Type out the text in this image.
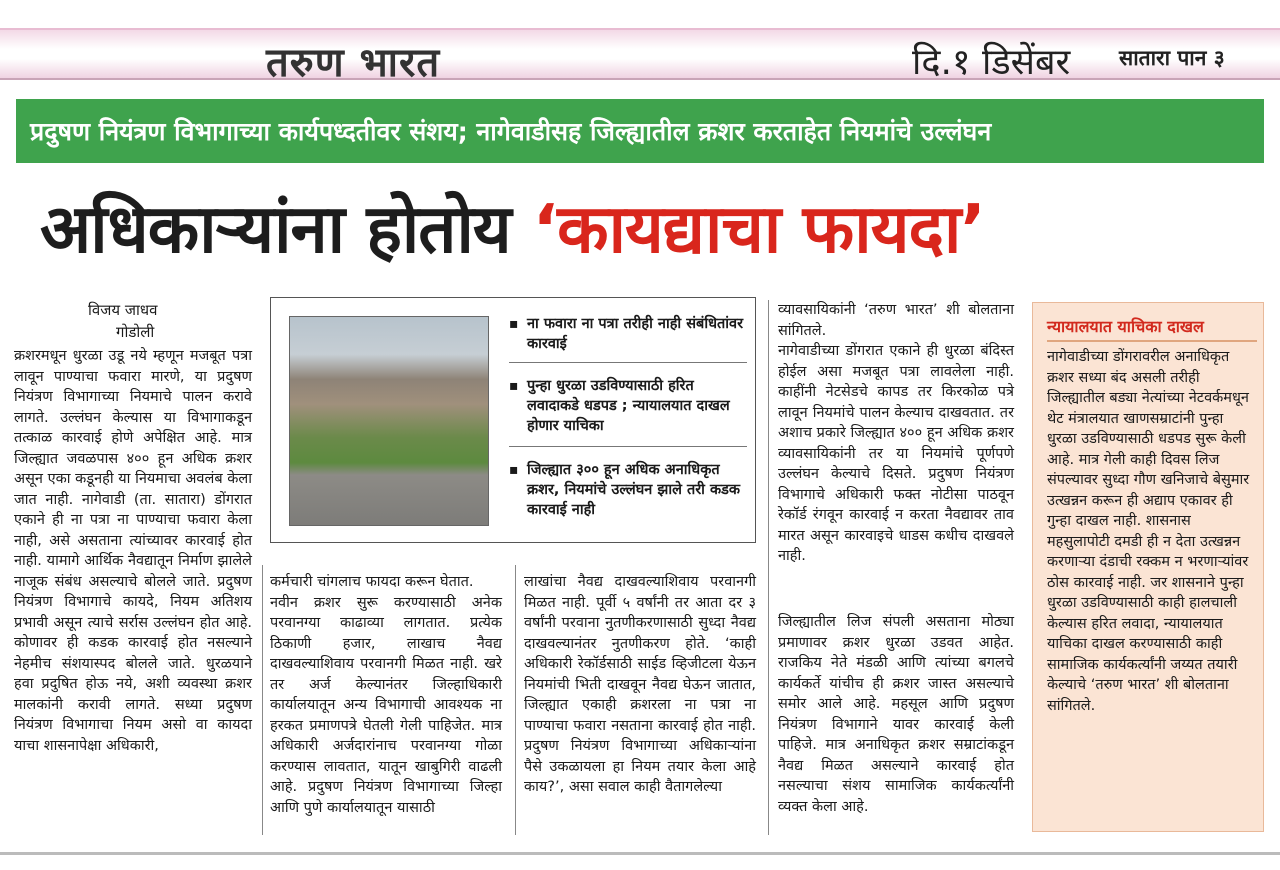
तरुण भारत	दि.१ डिसेंबर सातारा पान ३
प्रदुषण नियंत्रण विभागाच्या कार्यपध्दतीवर संशय; नागेवाडीसह जिल्ह्यातील क्रशर करताहेत नियमांचे उल्लंघन
अधिकाऱ्यांना होतोय ‘कायद्याचा फायदा’
विजय जाधव
गोडोली
क्रशरमधून धुरळा उडू नये म्हणून मजबूत पत्रा लावून पाण्याचा फवारा मारणे, या प्रदुषण नियंत्रण विभागाच्या नियमाचे पालन करावे लागते. उल्लंघन केल्यास या विभागाकडून तत्काळ कारवाई होणे अपेक्षित आहे. मात्र जिल्ह्यात जवळपास ४०० हून अधिक क्रशर असून एका कडूनही या नियमाचा अवलंब केला जात नाही. नागेवाडी (ता. सातारा) डोंगरात एकाने ही ना पत्रा ना पाण्याचा फवारा केला नाही, असे असताना त्यांच्यावर कारवाई होत नाही. यामागे आर्थिक नैवद्यातून निर्माण झालेले नाजूक संबंध असल्याचे बोलले जाते. प्रदुषण नियंत्रण विभागाचे कायदे, नियम अतिशय प्रभावी असून त्याचे सर्रास उल्लंघन होत आहे. कोणावर ही कडक कारवाई होत नसल्याने नेहमीच संशयास्पद बोलले जाते. धुरळयाने हवा प्रदुषित होऊ नये, अशी व्यवस्था क्रशर मालकांनी करावी लागते. सध्या प्रदुषण नियंत्रण विभागाचा नियम असो वा कायदा याचा शासनापेक्षा अधिकारी,
▪ ना फवारा ना पत्रा तरीही नाही संबंधितांवर कारवाई
▪ पुन्हा धुरळा उडविण्यासाठी हरित लवादाकडे धडपड ; न्यायालयात दाखल होणार याचिका
▪ जिल्ह्यात ३०० हून अधिक अनाधिकृत क्रशर, नियमांचे उल्लंघन झाले तरी कडक कारवाई नाही
कर्मचारी चांगलाच फायदा करून घेतात.
नवीन क्रशर सुरू करण्यासाठी अनेक परवानग्या काढाव्या लागतात. प्रत्येक ठिकाणी हजार, लाखाच नैवद्य दाखवल्याशिवाय परवानगी मिळत नाही. खरे तर अर्ज केल्यानंतर जिल्हाधिकारी कार्यालयातून अन्य विभागाची आवश्यक ना हरकत प्रमाणपत्रे घेतली गेली पाहिजेत. मात्र अधिकारी अर्जदारांनाच परवानग्या गोळा करण्यास लावतात, यातून खाबुगिरी वाढली आहे. प्रदुषण नियंत्रण विभागाच्या जिल्हा आणि पुणे कार्यालयातून यासाठी
लाखांचा नैवद्य दाखवल्याशिवाय परवानगी मिळत नाही. पूर्वी ५ वर्षांनी तर आता दर ३ वर्षांनी परवाना नुतणीकरणासाठी सुध्दा नैवद्य दाखवल्यानंतर नुतणीकरण होते. ‘काही अधिकारी रेकॉर्डसाठी साईड व्हिजीटला येऊन नियमांची भिती दाखवून नैवद्य घेऊन जातात, जिल्ह्यात एकाही क्रशरला ना पत्रा ना पाण्याचा फवारा नसताना कारवाई होत नाही. प्रदुषण नियंत्रण विभागाच्या अधिकाऱ्यांना पैसे उकळायला हा नियम तयार केला आहे काय?’, असा सवाल काही वैतागलेल्या
व्यावसायिकांनी ‘तरुण भारत’ शी बोलताना सांगितले.
नागेवाडीच्या डोंगरात एकाने ही धुरळा बंदिस्त होईल असा मजबूत पत्रा लावलेला नाही. काहींनी नेटसेडचे कापड तर किरकोळ पत्रे लावून नियमांचे पालन केल्याच दाखवतात. तर अशाच प्रकारे जिल्ह्यात ४०० हून अधिक क्रशर व्यावसायिकांनी तर या नियमांचे पूर्णपणे उल्लंघन केल्याचे दिसते. प्रदुषण नियंत्रण विभागाचे अधिकारी फक्त नोटीसा पाठवून रेकॉर्ड रंगवून कारवाई न करता नैवद्यावर ताव मारत असून कारवाइचे धाडस कधीच दाखवले नाही.
जिल्ह्यातील लिज संपली असताना मोठ्या प्रमाणावर क्रशर धुरळा उडवत आहेत. राजकिय नेते मंडळी आणि त्यांच्या बगलचे कार्यकर्ते यांचीच ही क्रशर जास्त असल्याचे समोर आले आहे. महसूल आणि प्रदुषण नियंत्रण विभागाने यावर कारवाई केली पाहिजे. मात्र अनाधिकृत क्रशर सम्राटांकडून नैवद्य मिळत असल्याने कारवाई होत नसल्याचा संशय सामाजिक कार्यकर्त्यांनी व्यक्त केला आहे.
न्यायालयात याचिका दाखल
नागेवाडीच्या डोंगरावरील अनाधिकृत क्रशर सध्या बंद असली तरीही जिल्ह्यातील बड्या नेत्यांच्या नेटवर्कमधून थेट मंत्रालयात खाणसम्राटांनी पुन्हा धुरळा उडविण्यासाठी धडपड सुरू केली आहे. मात्र गेली काही दिवस लिज संपल्यावर सुध्दा गौण खनिजाचे बेसुमार उत्खन्नन करून ही अद्याप एकावर ही गुन्हा दाखल नाही. शासनास महसुलापोटी दमडी ही न देता उत्खन्नन करणाऱ्या दंडाची रक्कम न भरणाऱ्यांवर ठोस कारवाई नाही. जर शासनाने पुन्हा धुरळा उडविण्यासाठी काही हालचाली केल्यास हरित लवादा, न्यायालयात याचिका दाखल करण्यासाठी काही सामाजिक कार्यकर्त्यांनी जय्यत तयारी केल्याचे ‘तरुण भारत’ शी बोलताना सांगितले.
